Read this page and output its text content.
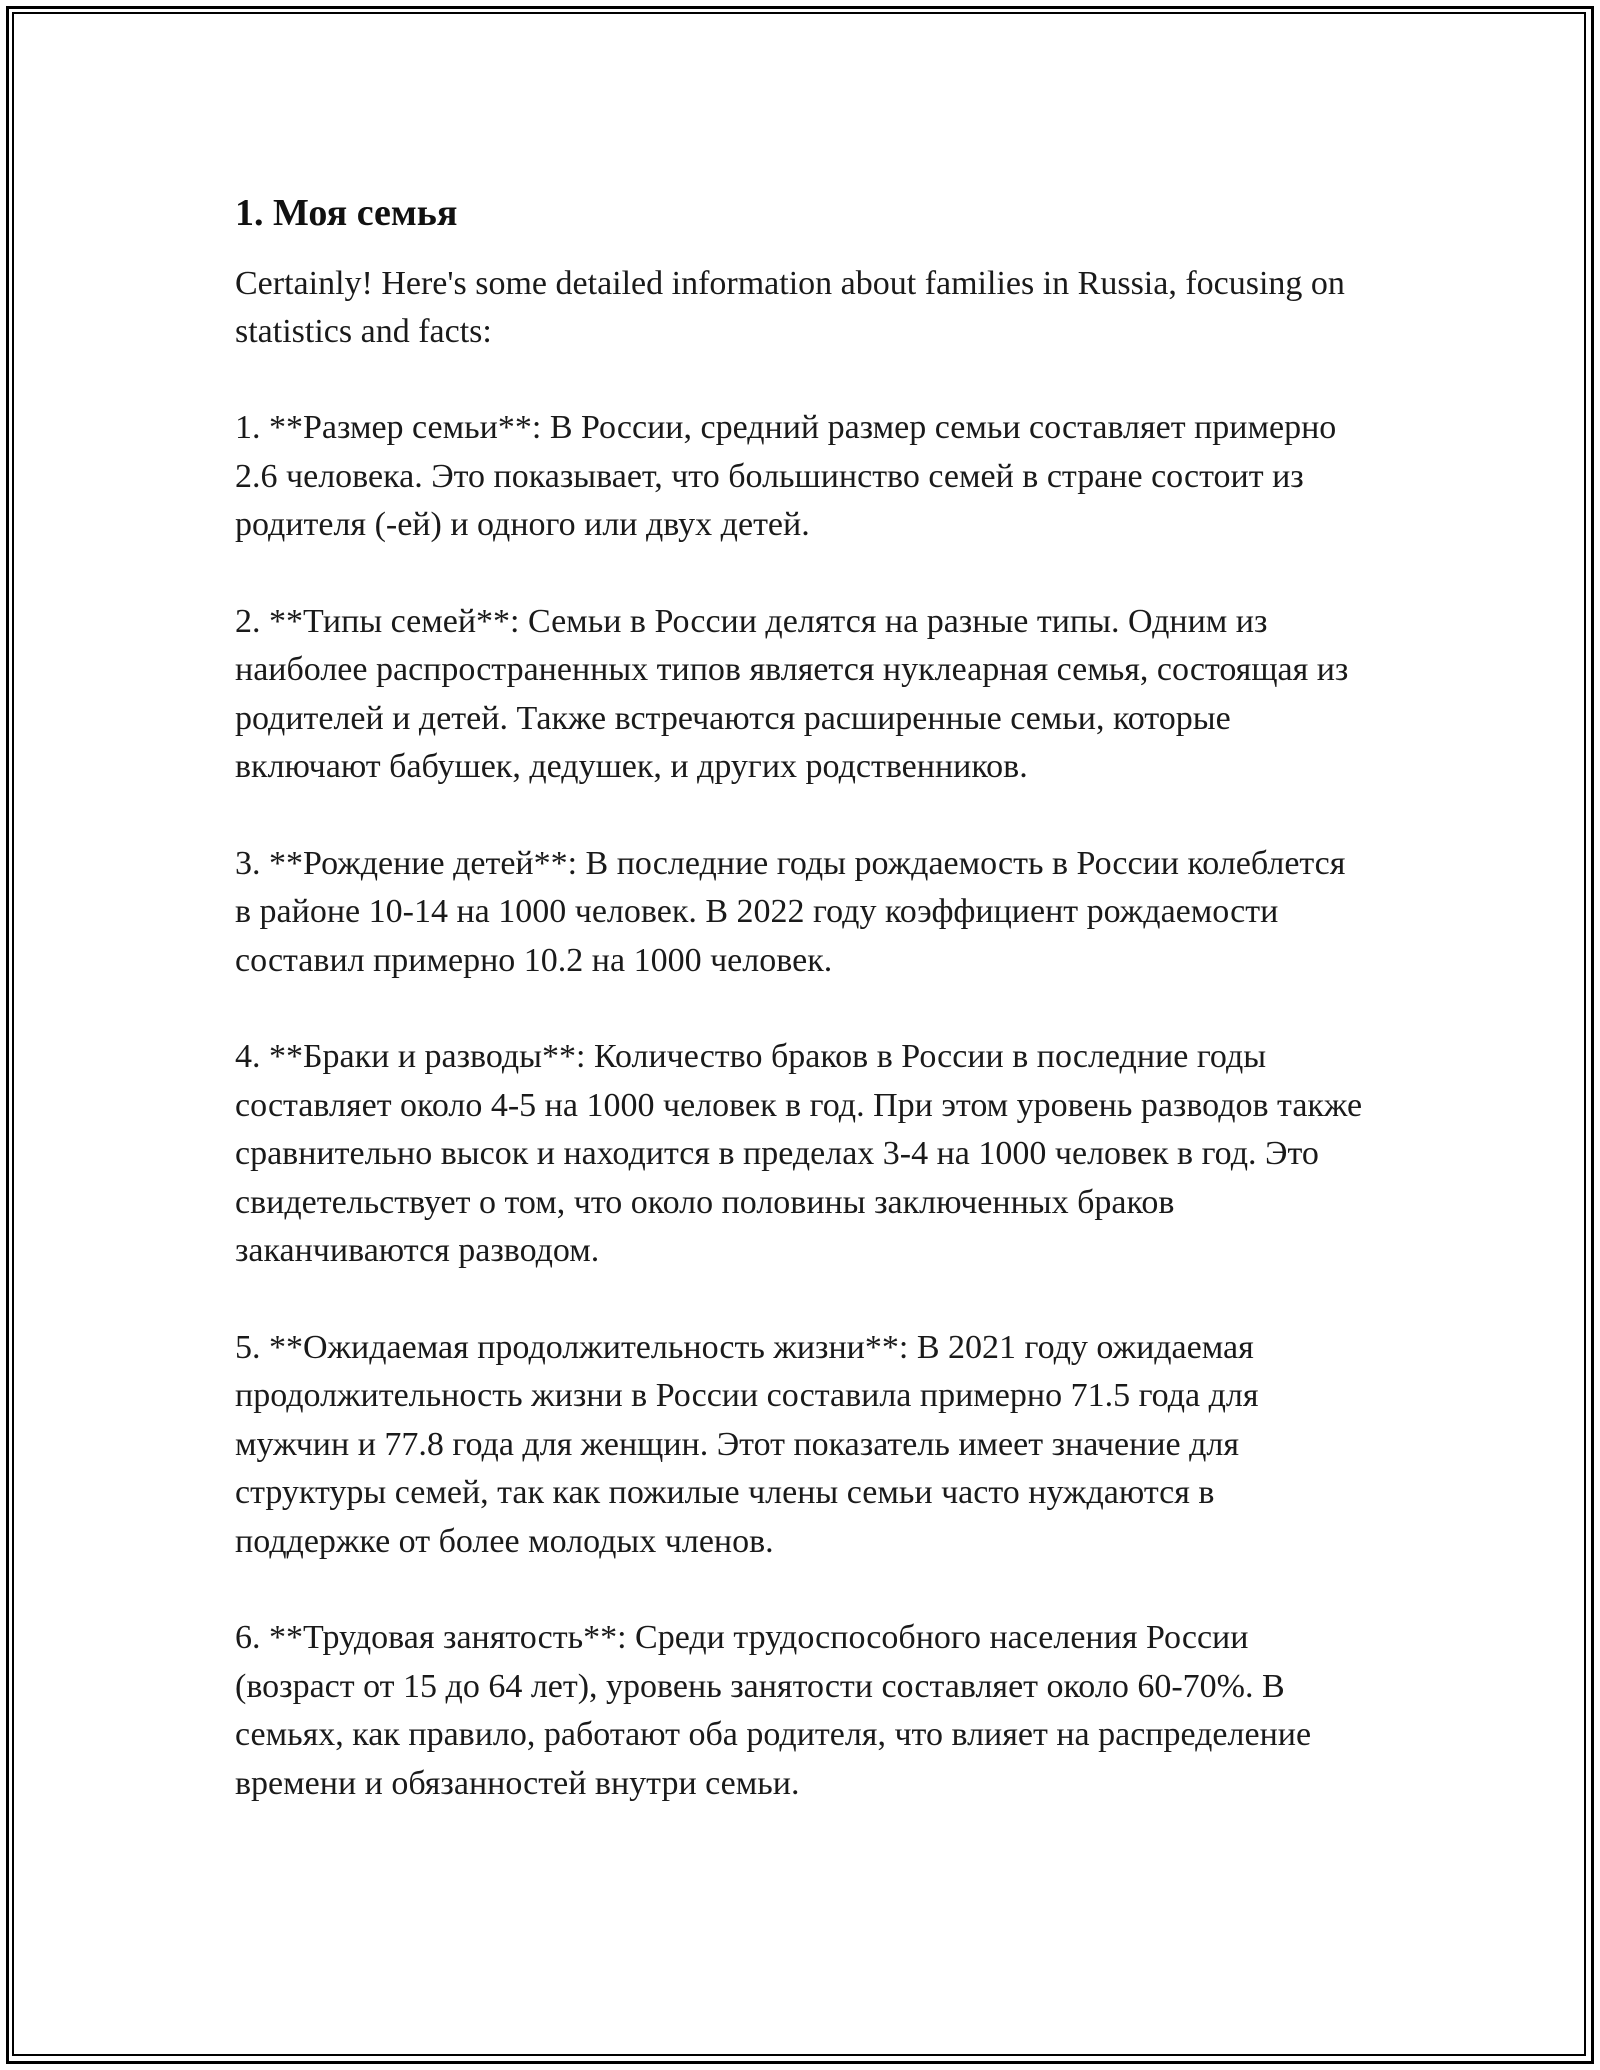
1. Моя семья
Certainly! Here's some detailed information about families in Russia, focusing on statistics and facts:
1. **Размер семьи**: В России, средний размер семьи составляет примерно 2.6 человека. Это показывает, что большинство семей в стране состоит из родителя (-ей) и одного или двух детей.
2. **Типы семей**: Семьи в России делятся на разные типы. Одним из наиболее распространенных типов является нуклеарная семья, состоящая из родителей и детей. Также встречаются расширенные семьи, которые включают бабушек, дедушек, и других родственников.
3. **Рождение детей**: В последние годы рождаемость в России колеблется в районе 10-14 на 1000 человек. В 2022 году коэффициент рождаемости составил примерно 10.2 на 1000 человек.
4. **Браки и разводы**: Количество браков в России в последние годы составляет около 4-5 на 1000 человек в год. При этом уровень разводов также сравнительно высок и находится в пределах 3-4 на 1000 человек в год. Это свидетельствует о том, что около половины заключенных браков заканчиваются разводом.
5. **Ожидаемая продолжительность жизни**: В 2021 году ожидаемая продолжительность жизни в России составила примерно 71.5 года для мужчин и 77.8 года для женщин. Этот показатель имеет значение для структуры семей, так как пожилые члены семьи часто нуждаются в поддержке от более молодых членов.
6. **Трудовая занятость**: Среди трудоспособного населения России (возраст от 15 до 64 лет), уровень занятости составляет около 60-70%. В семьях, как правило, работают оба родителя, что влияет на распределение времени и обязанностей внутри семьи.
